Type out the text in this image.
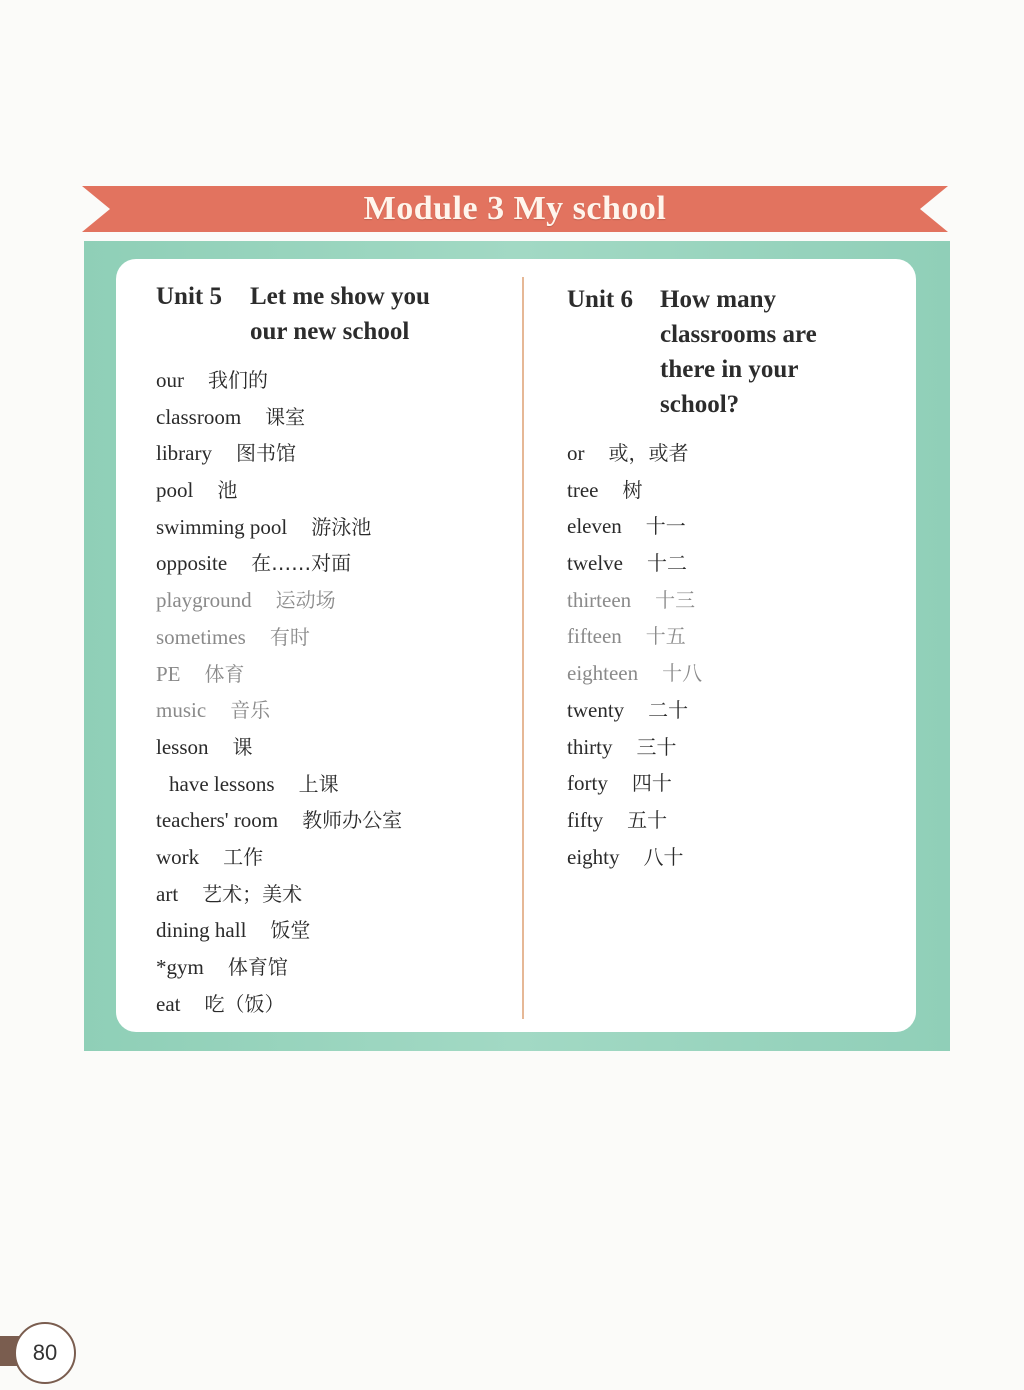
Module 3 My school
Unit 5 Let me show you
our new school
our 我们的
classroom 课室
library 图书馆
pool 池
swimming pool 游泳池
opposite 在……对面
playground 运动场
sometimes 有时
PE 体育
music 音乐
lesson 课
have lessons 上课
teachers' room 教师办公室
work 工作
art 艺术；美术
dining hall 饭堂
*gym 体育馆
eat 吃（饭）
Unit 6 How many
classrooms are
there in your
school?
or 或，或者
tree 树
eleven 十一
twelve 十二
thirteen 十三
fifteen 十五
eighteen 十八
twenty 二十
thirty 三十
forty 四十
fifty 五十
eighty 八十
80
